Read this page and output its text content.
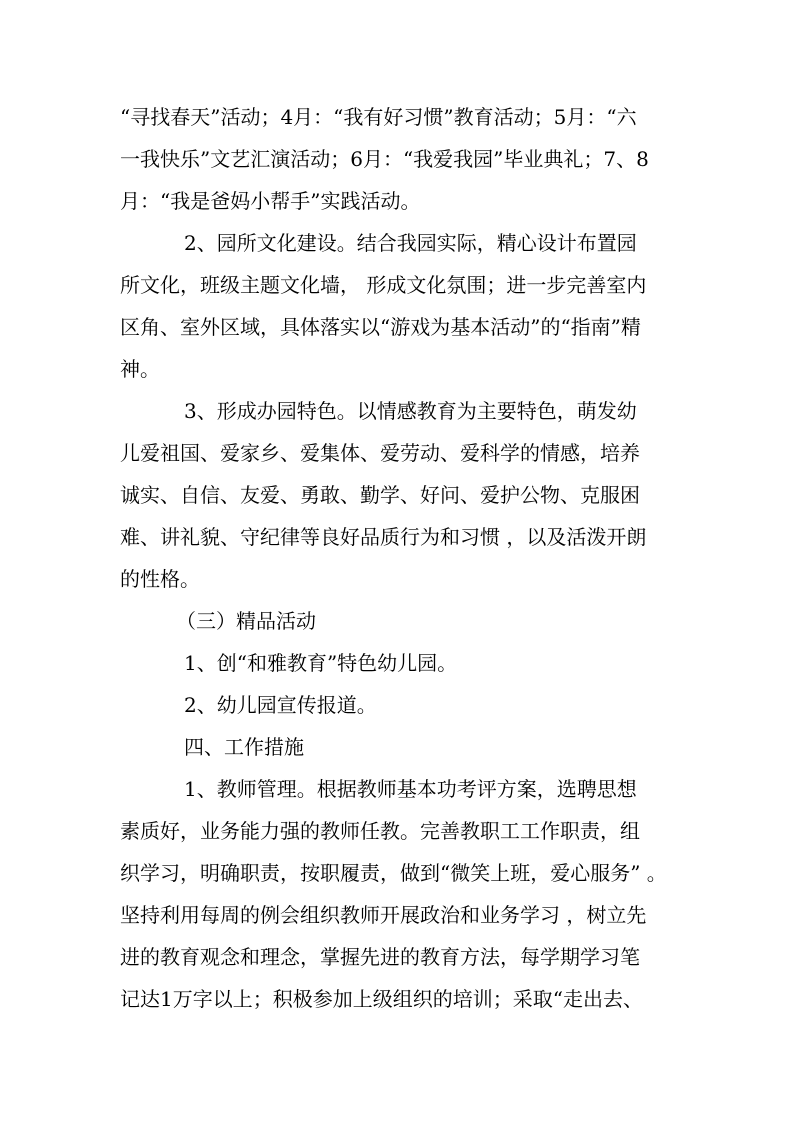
“寻找春天”活动；4月：“我有好习惯”教育活动；5月：“六
一我快乐”文艺汇演活动；6月：“我爱我园”毕业典礼；7、8
月：“我是爸妈小帮手”实践活动。
2、园所文化建设。结合我园实际，精心设计布置园
所文化，班级主题文化墙， 形成文化氛围；进一步完善室内
区角、室外区域，具体落实以“游戏为基本活动”的“指南”精
神。
3、形成办园特色。以情感教育为主要特色，萌发幼
儿爱祖国、爱家乡、爱集体、爱劳动、爱科学的情感，培养
诚实、自信、友爱、勇敢、勤学、好问、爱护公物、克服困
难、讲礼貌、守纪律等良好品质行为和习惯 ，以及活泼开朗
的性格。
（三）精品活动
1、创“和雅教育”特色幼儿园。
2、幼儿园宣传报道。
四、工作措施
1、教师管理。根据教师基本功考评方案，选聘思想
素质好，业务能力强的教师任教。完善教职工工作职责，组
织学习，明确职责，按职履责，做到“微笑上班，爱心服务” 。
坚持利用每周的例会组织教师开展政治和业务学习 ，树立先
进的教育观念和理念，掌握先进的教育方法，每学期学习笔
记达1万字以上；积极参加上级组织的培训；采取“走出去、
